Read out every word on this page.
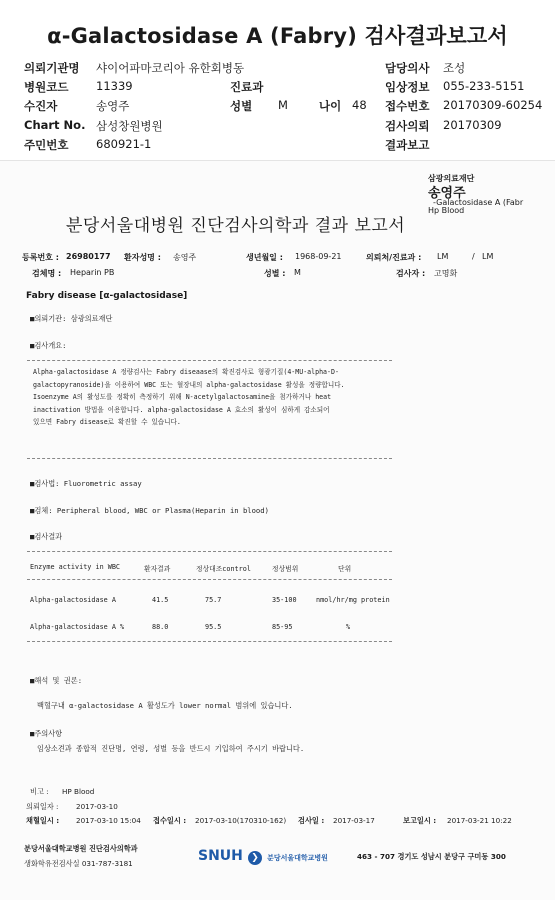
α-Galactosidase A (Fabry) 검사결과보고서
의뢰기관명 샤이어파마코리아 유한회병동
병원코드 11339
수진자	송영주
Chart No. 삼성창원병원
주민번호 680921-1
진료과
성별 M	나이 48
담당의사 조성
임상정보 055-233-5151
접수번호 20170309-60254
검사의뢰 20170309
결과보고
삼광의료재단
송영주
-Galactosidase A (Fabr
Hp Blood
분당서울대병원 진단검사의학과 결과 보고서
등록번호 : 26980177 환자성명 : 송영주	생년월일 : 1968-09-21	의뢰처/진료과 : LM	/ LM
검체명 : Heparin PB	성별 : M	검사자 : 고명화
Fabry disease [α-galactosidase]
■의뢰기관: 삼광의료재단
■검사개요:
Alpha-galactosidase A 정량검사는 Fabry diseaase의 확진검사로 형광기질(4-MU-alpha-D-
galactopyranoside)을 이용하여 WBC 또는 혈장내의 alpha-galactosidase 활성을 정량합니다.
Isoenzyme A의 활성도를 정확히 측정하기 위해 N-acetylgalactosamine을 첨가하거나 heat
inactivation 방법을 이용합니다. alpha-galactosidase A 효소의 활성이 심하게 감소되어
있으면 Fabry disease로 확진할 수 있습니다.
■검사법: Fluorometric assay
■검체: Peripheral blood, WBC or Plasma(Heparin in blood)
■검사결과
Enzyme activity in WBC	환자결과	정상대조control	정상범위	단위
Alpha-galactosidase A	41.5	75.7	35-100	nmol/hr/mg protein
Alpha-galactosidase A %	88.0	95.5	85-95	%
■해석 및 권론:
백혈구내 α-galactosidase A 활성도가 lower normal 범위에 있습니다.
■주의사항
임상소견과 종합적 진단명, 연령, 성별 등을 반드시 기입하여 주시기 바랍니다.
비고 : HP Blood
의뢰일자 : 2017-03-10
채혈일시 : 2017-03-10 15:04 접수일시 : 2017-03-10(170310-162) 검사일 : 2017-03-17	보고일시 : 2017-03-21 10:22
분당서울대학교병원 진단검사의학과
생화학유전검사실 031-787-3181	SNUH ❯ 분당서울대학교병원	463 - 707 경기도 성남시 분당구 구미동 300
